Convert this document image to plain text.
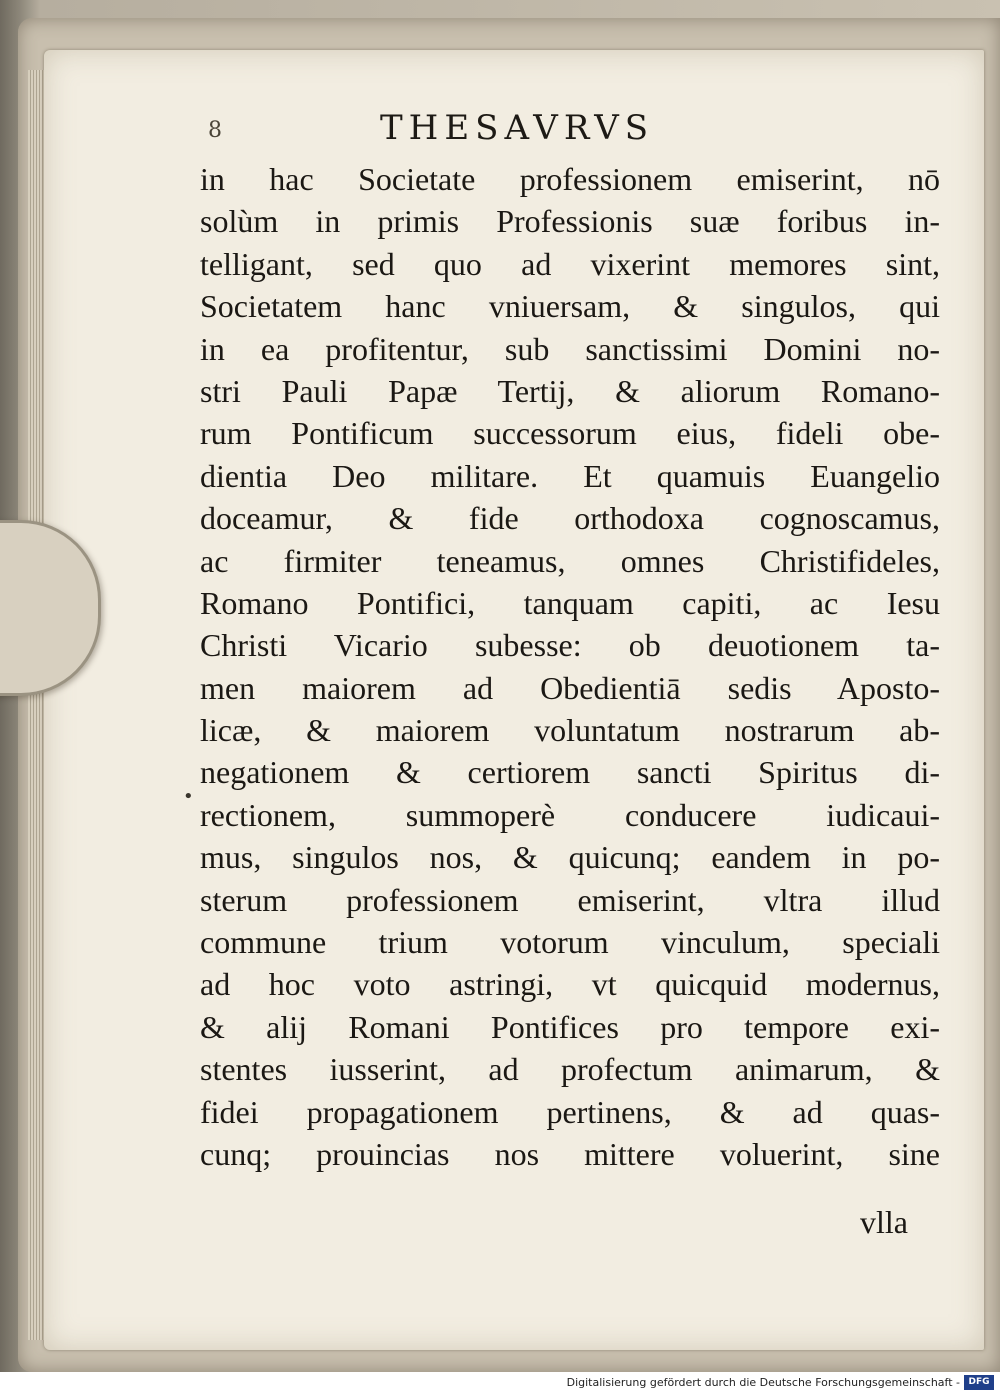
8	THESAVRVS
in hac Societate professionem emiserint, nō
solùm in primis Professionis suæ foribus in-
telligant, sed quo ad vixerint memores sint,
Societatem hanc vniuersam, & singulos, qui
in ea profitentur, sub sanctissimi Domini no-
stri Pauli Papæ Tertij, & aliorum Romano-
rum Pontificum successorum eius, fideli obe-
dientia Deo militare. Et quamuis Euangelio
doceamur, & fide orthodoxa cognoscamus,
ac firmiter teneamus, omnes Christifideles,
Romano Pontifici, tanquam capiti, ac Iesu
Christi Vicario subesse: ob deuotionem ta-
men maiorem ad Obedientiā sedis Aposto-
licæ, & maiorem voluntatum nostrarum ab-
negationem & certiorem sancti Spiritus di-
rectionem, summoperè conducere iudicaui-
mus, singulos nos, & quicunq; eandem in po-
sterum professionem emiserint, vltra illud
commune trium votorum vinculum, speciali
ad hoc voto astringi, vt quicquid modernus,
& alij Romani Pontifices pro tempore exi-
stentes iusserint, ad profectum animarum, &
fidei propagationem pertinens, & ad quas-
cunq; prouincias nos mittere voluerint, sine
•
vlla
Digitalisierung gefördert durch die Deutsche Forschungsgemeinschaft - DFG
